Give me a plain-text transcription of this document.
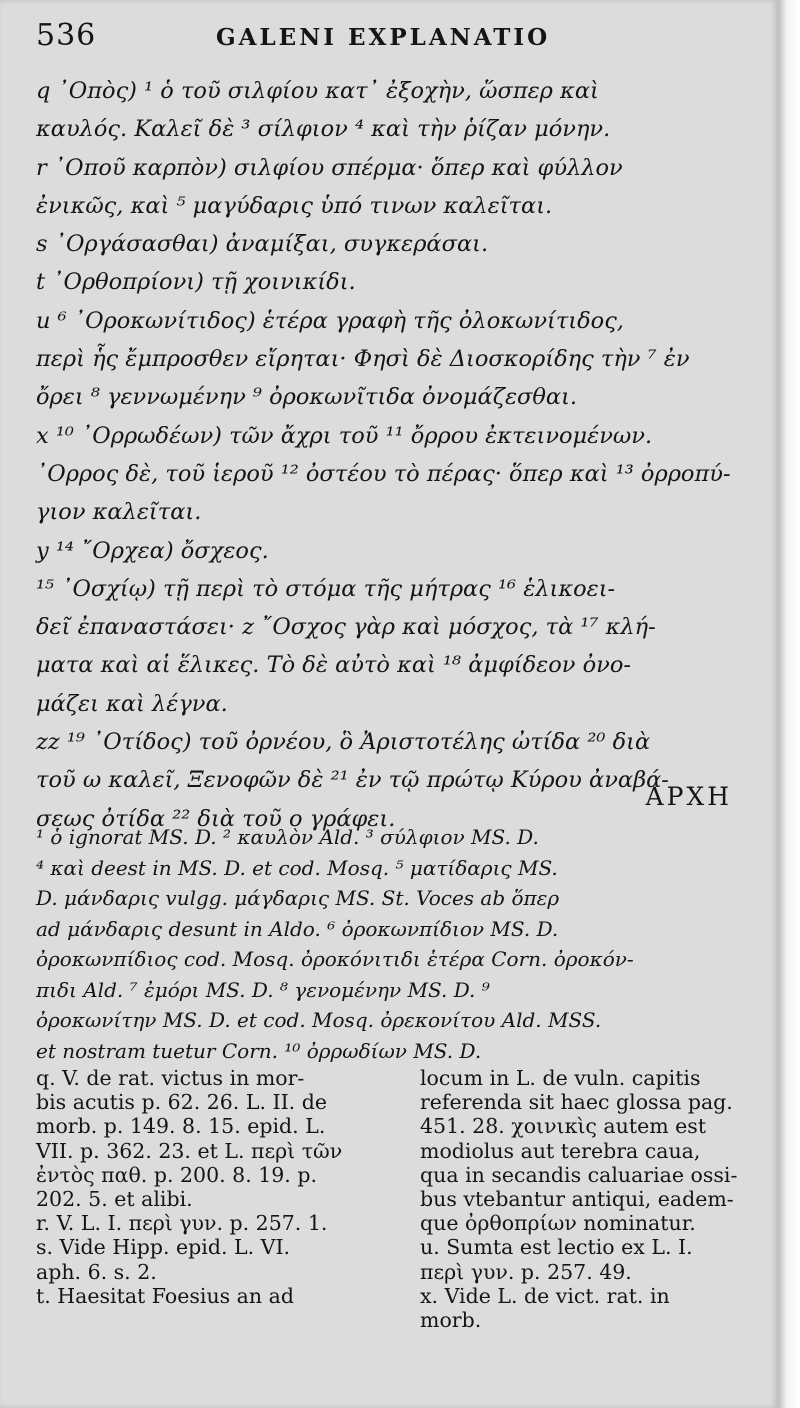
536	GALENI EXPLANATIO

q ᾿Οπὸς) ¹ ὁ τοῦ σιλφίου κατ᾿ ἐξοχὴν, ὥσπερ καὶ

καυλός. Καλεῖ δὲ ³ σίλφιον ⁴ καὶ τὴν ῥίζαν μόνην.

r ᾿Οποῦ καρπὸν) σιλφίου σπέρμα· ὅπερ καὶ φύλλον

ἐνικῶς, καὶ ⁵ μαγύδαρις ὑπό τινων καλεῖται.

s ᾿Οργάσασθαι) ἀναμίξαι, συγκεράσαι.

t ᾿Ορθοπρίονι) τῇ χοινικίδι.

u ⁶ ᾿Ορoκωνίτιδος) ἑτέρα γραφὴ τῆς ὀλοκωνίτιδος,

περὶ ἧς ἔμπροσθεν εἴρηται· Φησὶ δὲ Διοσκορίδης τὴν ⁷ ἐν

ὄρει ⁸ γεννωμένην ⁹ ὀροκωνῖτιδα ὀνομάζεσθαι.

x ¹⁰ ᾿Ορρωδέων) τῶν ἄχρι τοῦ ¹¹ ὄρρου ἐκτεινομένων.

᾿Ορρος δὲ, τοῦ ἱεροῦ ¹² ὀστέου τὸ πέρας· ὅπερ καὶ ¹³ ὀρροπύ-

γιον καλεῖται.

y ¹⁴ ῎Ορχεα) ὄσχεος.

¹⁵ ᾿Οσχίῳ) τῇ περὶ τὸ στόμα τῆς μήτρας ¹⁶ ἑλικοει-

δεῖ ἐπαναστάσει· z ῎Οσχος γὰρ καὶ μόσχος, τὰ ¹⁷ κλή-

ματα καὶ αἱ ἕλικες. Τὸ δὲ αὐτὸ καὶ ¹⁸ ἀμφίδεον ὀνο-

μάζει καὶ λέγνα.

zz ¹⁹ ᾿Οτίδος) τοῦ ὀρνέου, ὃ Ἀριστοτέλης ὠτίδα ²⁰ διὰ

τοῦ ω καλεῖ, Ξενοφῶν δὲ ²¹ ἐν τῷ πρώτῳ Κύρου ἀναβά-

σεως ὀτίδα ²² διὰ τοῦ ο γράφει.

ΑΡΧΗ

¹ ὁ ignorat MS. D. ² καυλὸν Ald. ³ σύλφιον MS. D.

⁴ καὶ deest in MS. D. et cod. Mosq. ⁵ ματίδαρις MS.

D. μάνδαρις vulgg. μάγδαρις MS. St. Voces ab ὅπερ

ad μάνδαρις desunt in Aldo. ⁶ ὀροκωνπίδιον MS. D.

ὀροκωνπίδιος cod. Mosq. ὀροκόνιτιδι ἑτέρα Corn. ὀροκόν-

πιδι Ald. ⁷ ἐμόρι MS. D. ⁸ γενομένην MS. D. ⁹

ὀροκωνίτην MS. D. et cod. Mosq. ὀρεκονίτου Ald. MSS.

et nostram tuetur Corn. ¹⁰ ὀρρωδίων MS. D.

q. V. de rat. victus in mor-

bis acutis p. 62. 26. L. II. de

morb. p. 149. 8. 15. epid. L.

VII. p. 362. 23. et L. περὶ τῶν

ἐντὸς παθ. p. 200. 8. 19. p.

202. 5. et alibi.

r. V. L. I. περὶ γυν. p. 257. 1.

s. Vide Hipp. epid. L. VI.

aph. 6. s. 2.

t. Haesitat Foesius an ad

locum in L. de vuln. capitis

referenda sit haec glossa pag.

451. 28. χοινικὶς autem est

modiolus aut terebra caua,

qua in secandis caluariae ossi-

bus vtebantur antiqui, eadem-

que ὀρθοπρίων nominatur.

u. Sumta est lectio ex L. I.

περὶ γυν. p. 257. 49.

x. Vide L. de vict. rat. in

morb.
